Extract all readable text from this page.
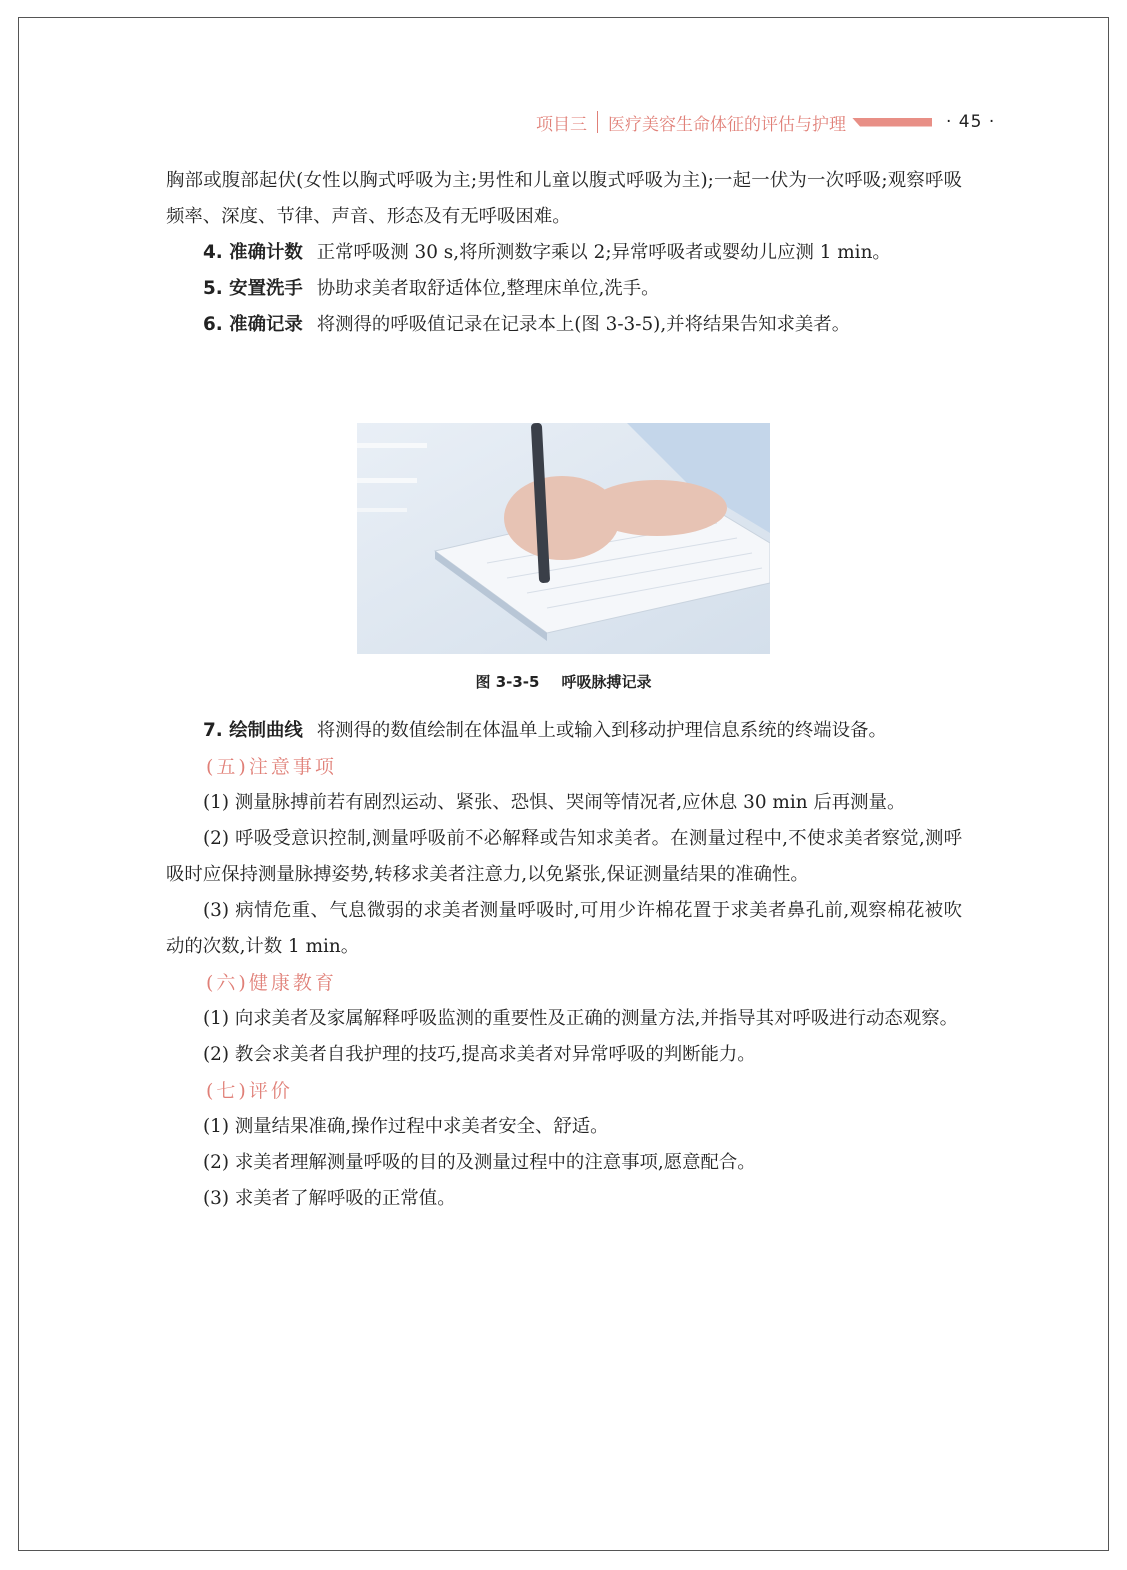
项目三 医疗美容生命体征的评估与护理	· 45 ·

胸部或腹部起伏(女性以胸式呼吸为主;男性和儿童以腹式呼吸为主);一起一伏为一次呼吸;观察呼吸频率、深度、节律、声音、形态及有无呼吸困难。

4. 准确计数 正常呼吸测 30 s,将所测数字乘以 2;异常呼吸者或婴幼儿应测 1 min。

5. 安置洗手 协助求美者取舒适体位,整理床单位,洗手。

6. 准确记录 将测得的呼吸值记录在记录本上(图 3-3-5),并将结果告知求美者。

图 3-3-5 呼吸脉搏记录

7. 绘制曲线 将测得的数值绘制在体温单上或输入到移动护理信息系统的终端设备。

(五)注意事项

(1) 测量脉搏前若有剧烈运动、紧张、恐惧、哭闹等情况者,应休息 30 min 后再测量。

(2) 呼吸受意识控制,测量呼吸前不必解释或告知求美者。在测量过程中,不使求美者察觉,测呼吸时应保持测量脉搏姿势,转移求美者注意力,以免紧张,保证测量结果的准确性。

(3) 病情危重、气息微弱的求美者测量呼吸时,可用少许棉花置于求美者鼻孔前,观察棉花被吹动的次数,计数 1 min。

(六)健康教育

(1) 向求美者及家属解释呼吸监测的重要性及正确的测量方法,并指导其对呼吸进行动态观察。

(2) 教会求美者自我护理的技巧,提高求美者对异常呼吸的判断能力。

(七)评价

(1) 测量结果准确,操作过程中求美者安全、舒适。

(2) 求美者理解测量呼吸的目的及测量过程中的注意事项,愿意配合。

(3) 求美者了解呼吸的正常值。
